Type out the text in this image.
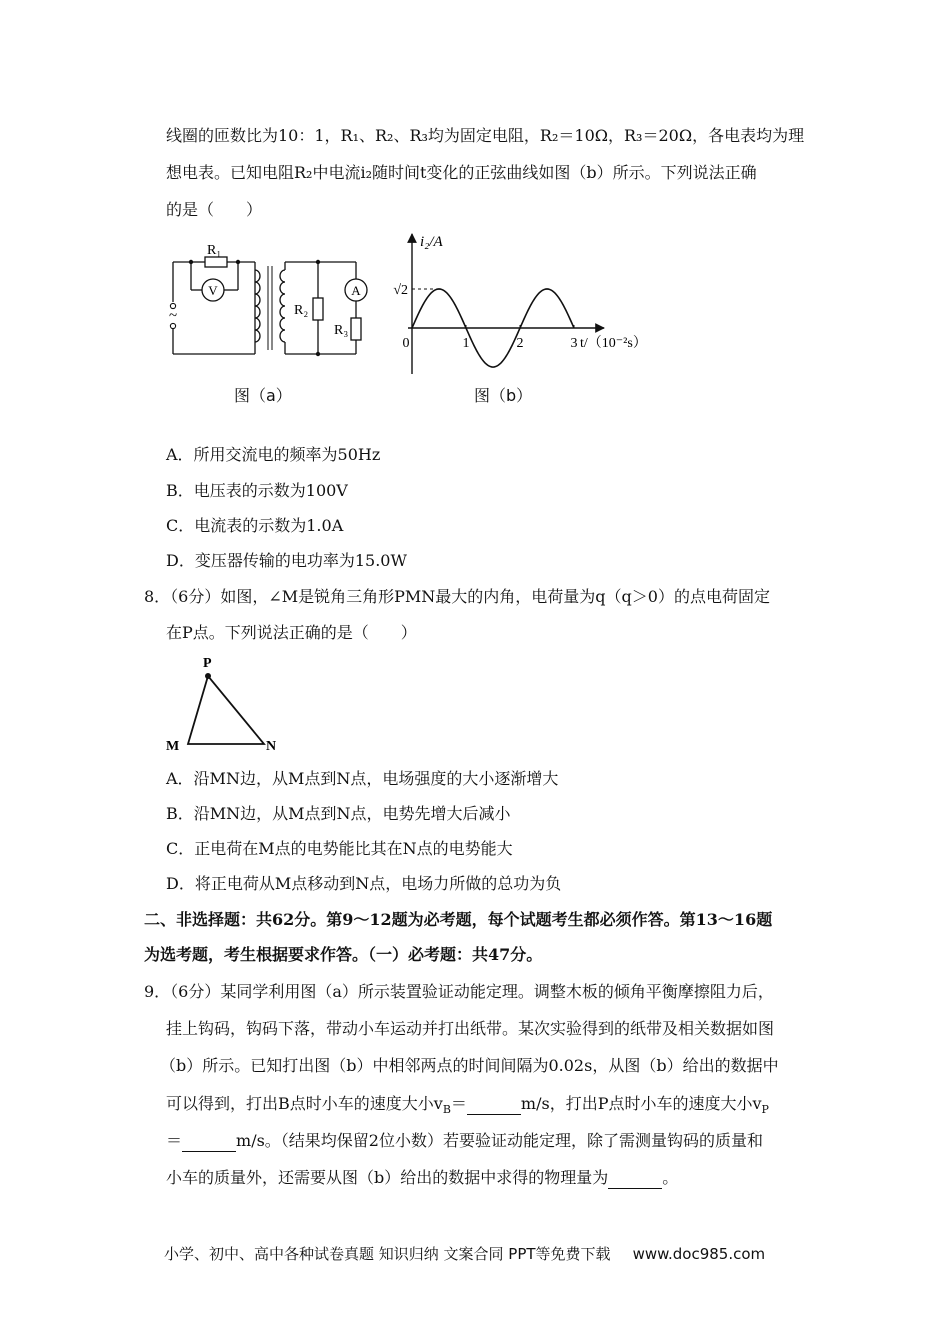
线圈的匝数比为10：1，R₁、R₂、R₃均为固定电阻，R₂＝10Ω，R₃＝20Ω，各电表均为理
想电表。已知电阻R₂中电流i₂随时间t变化的正弦曲线如图（b）所示。下列说法正确
的是（　　）
~
R₁
V
R₂
A
R₃
图（a）
i₂/A
√2
0	1	2	3 t/（10⁻²s）
图（b）
A．所用交流电的频率为50Hz
B．电压表的示数为100V
C．电流表的示数为1.0A
D．变压器传输的电功率为15.0W
8．（6分）如图，∠M是锐角三角形PMN最大的内角，电荷量为q（q＞0）的点电荷固定
在P点。下列说法正确的是（　　）
P
M	N
A．沿MN边，从M点到N点，电场强度的大小逐渐增大
B．沿MN边，从M点到N点，电势先增大后减小
C．正电荷在M点的电势能比其在N点的电势能大
D．将正电荷从M点移动到N点，电场力所做的总功为负
二、非选择题：共62分。第9～12题为必考题，每个试题考生都必须作答。第13～16题
为选考题，考生根据要求作答。（一）必考题：共47分。
9．（6分）某同学利用图（a）所示装置验证动能定理。调整木板的倾角平衡摩擦阻力后，
挂上钩码，钩码下落，带动小车运动并打出纸带。某次实验得到的纸带及相关数据如图
（b）所示。已知打出图（b）中相邻两点的时间间隔为0.02s，从图（b）给出的数据中
可以得到，打出B点时小车的速度大小$v_B=$	m/s，打出P点时小车的速度大小$v_P$
＝	m/s。（结果均保留2位小数）若要验证动能定理，除了需测量钩码的质量和
小车的质量外，还需要从图（b）给出的数据中求得的物理量为	。
小学、初中、高中各种试卷真题 知识归纳 文案合同 PPT等免费下载 www.doc985.com
